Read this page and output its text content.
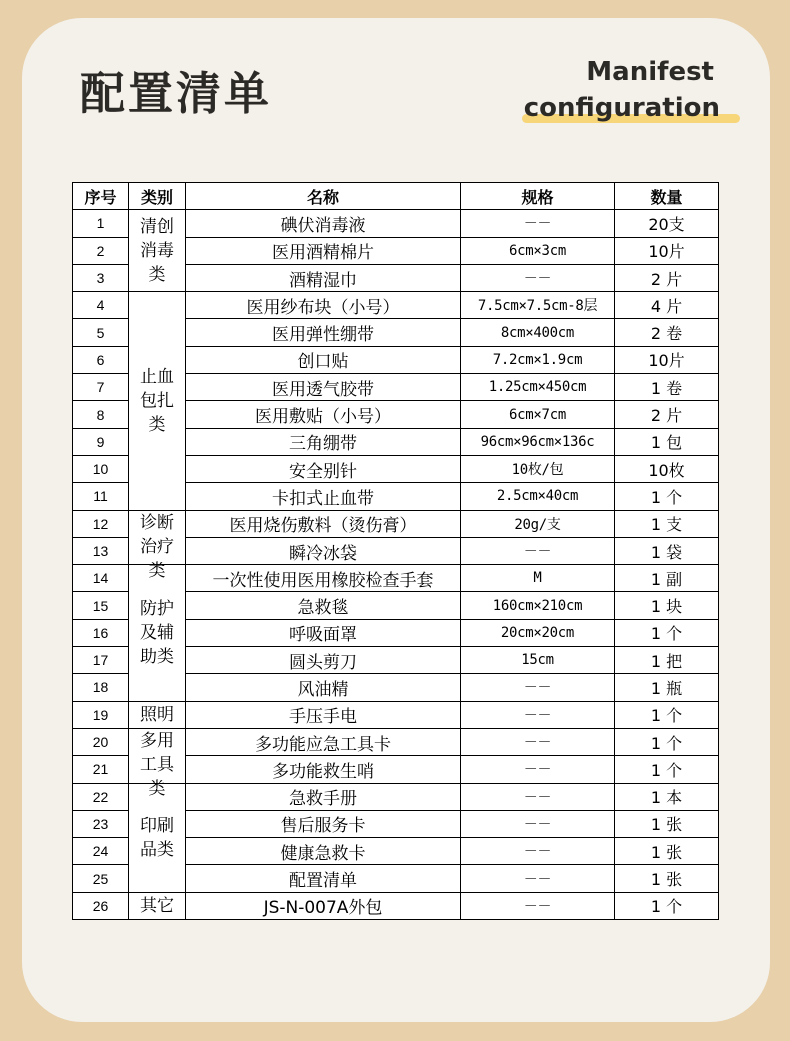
配置清单	Manifest
configuration
序号	类别	名称	规格	数量
1	清创消毒类	碘伏消毒液	－－	20支
2		医用酒精棉片	6cm×3cm	10片
3		酒精湿巾	－－	2 片
4	止血包扎类	医用纱布块（小号）	7.5cm×7.5cm-8层	4 片
5		医用弹性绷带	8cm×400cm	2 卷
6		创口贴	7.2cm×1.9cm	10片
7		医用透气胶带	1.25cm×450cm	1 卷
8		医用敷贴（小号）	6cm×7cm	2 片
9		三角绷带	96cm×96cm×136c	1 包
10		安全别针	10枚/包	10枚
11		卡扣式止血带	2.5cm×40cm	1 个
12	诊断治疗类	医用烧伤敷料（烫伤膏）	20g/支	1 支
13		瞬冷冰袋	－－	1 袋
14	防护及辅助类	一次性使用医用橡胶检查手套	M	1 副
15		急救毯	160cm×210cm	1 块
16		呼吸面罩	20cm×20cm	1 个
17		圆头剪刀	15cm	1 把
18		风油精	－－	1 瓶
19	照明	手压手电	－－	1 个
20	多用工具类	多功能应急工具卡	－－	1 个
21		多功能救生哨	－－	1 个
22	印刷品类	急救手册	－－	1 本
23		售后服务卡	－－	1 张
24		健康急救卡	－－	1 张
25		配置清单	－－	1 张
26	其它	JS-N-007A外包	－－	1 个
